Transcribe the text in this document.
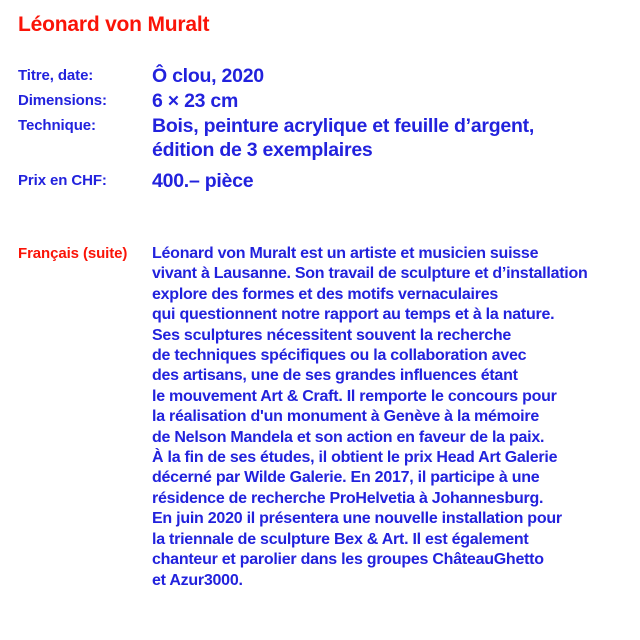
Léonard von Muralt
Titre, date:	Ô clou, 2020
Dimensions:	6 × 23 cm
Technique:	Bois, peinture acrylique et feuille d’argent,
édition de 3 exemplaires
Prix en CHF:	400.– pièce
Français (suite)	Léonard von Muralt est un artiste et musicien suisse
vivant à Lausanne. Son travail de sculpture et d’installation
explore des formes et des motifs vernaculaires
qui questionnent notre rapport au temps et à la nature.
Ses sculptures nécessitent souvent la recherche
de techniques spécifiques ou la collaboration avec
des artisans, une de ses grandes influences étant
le mouvement Art & Craft. Il remporte le concours pour
la réalisation d'un monument à Genève à la mémoire
de Nelson Mandela et son action en faveur de la paix.
À la fin de ses études, il obtient le prix Head Art Galerie
décerné par Wilde Galerie. En 2017, il participe à une
résidence de recherche ProHelvetia à Johannesburg.
En juin 2020 il présentera une nouvelle installation pour
la triennale de sculpture Bex & Art. Il est également
chanteur et parolier dans les groupes ChâteauGhetto
et Azur3000.
